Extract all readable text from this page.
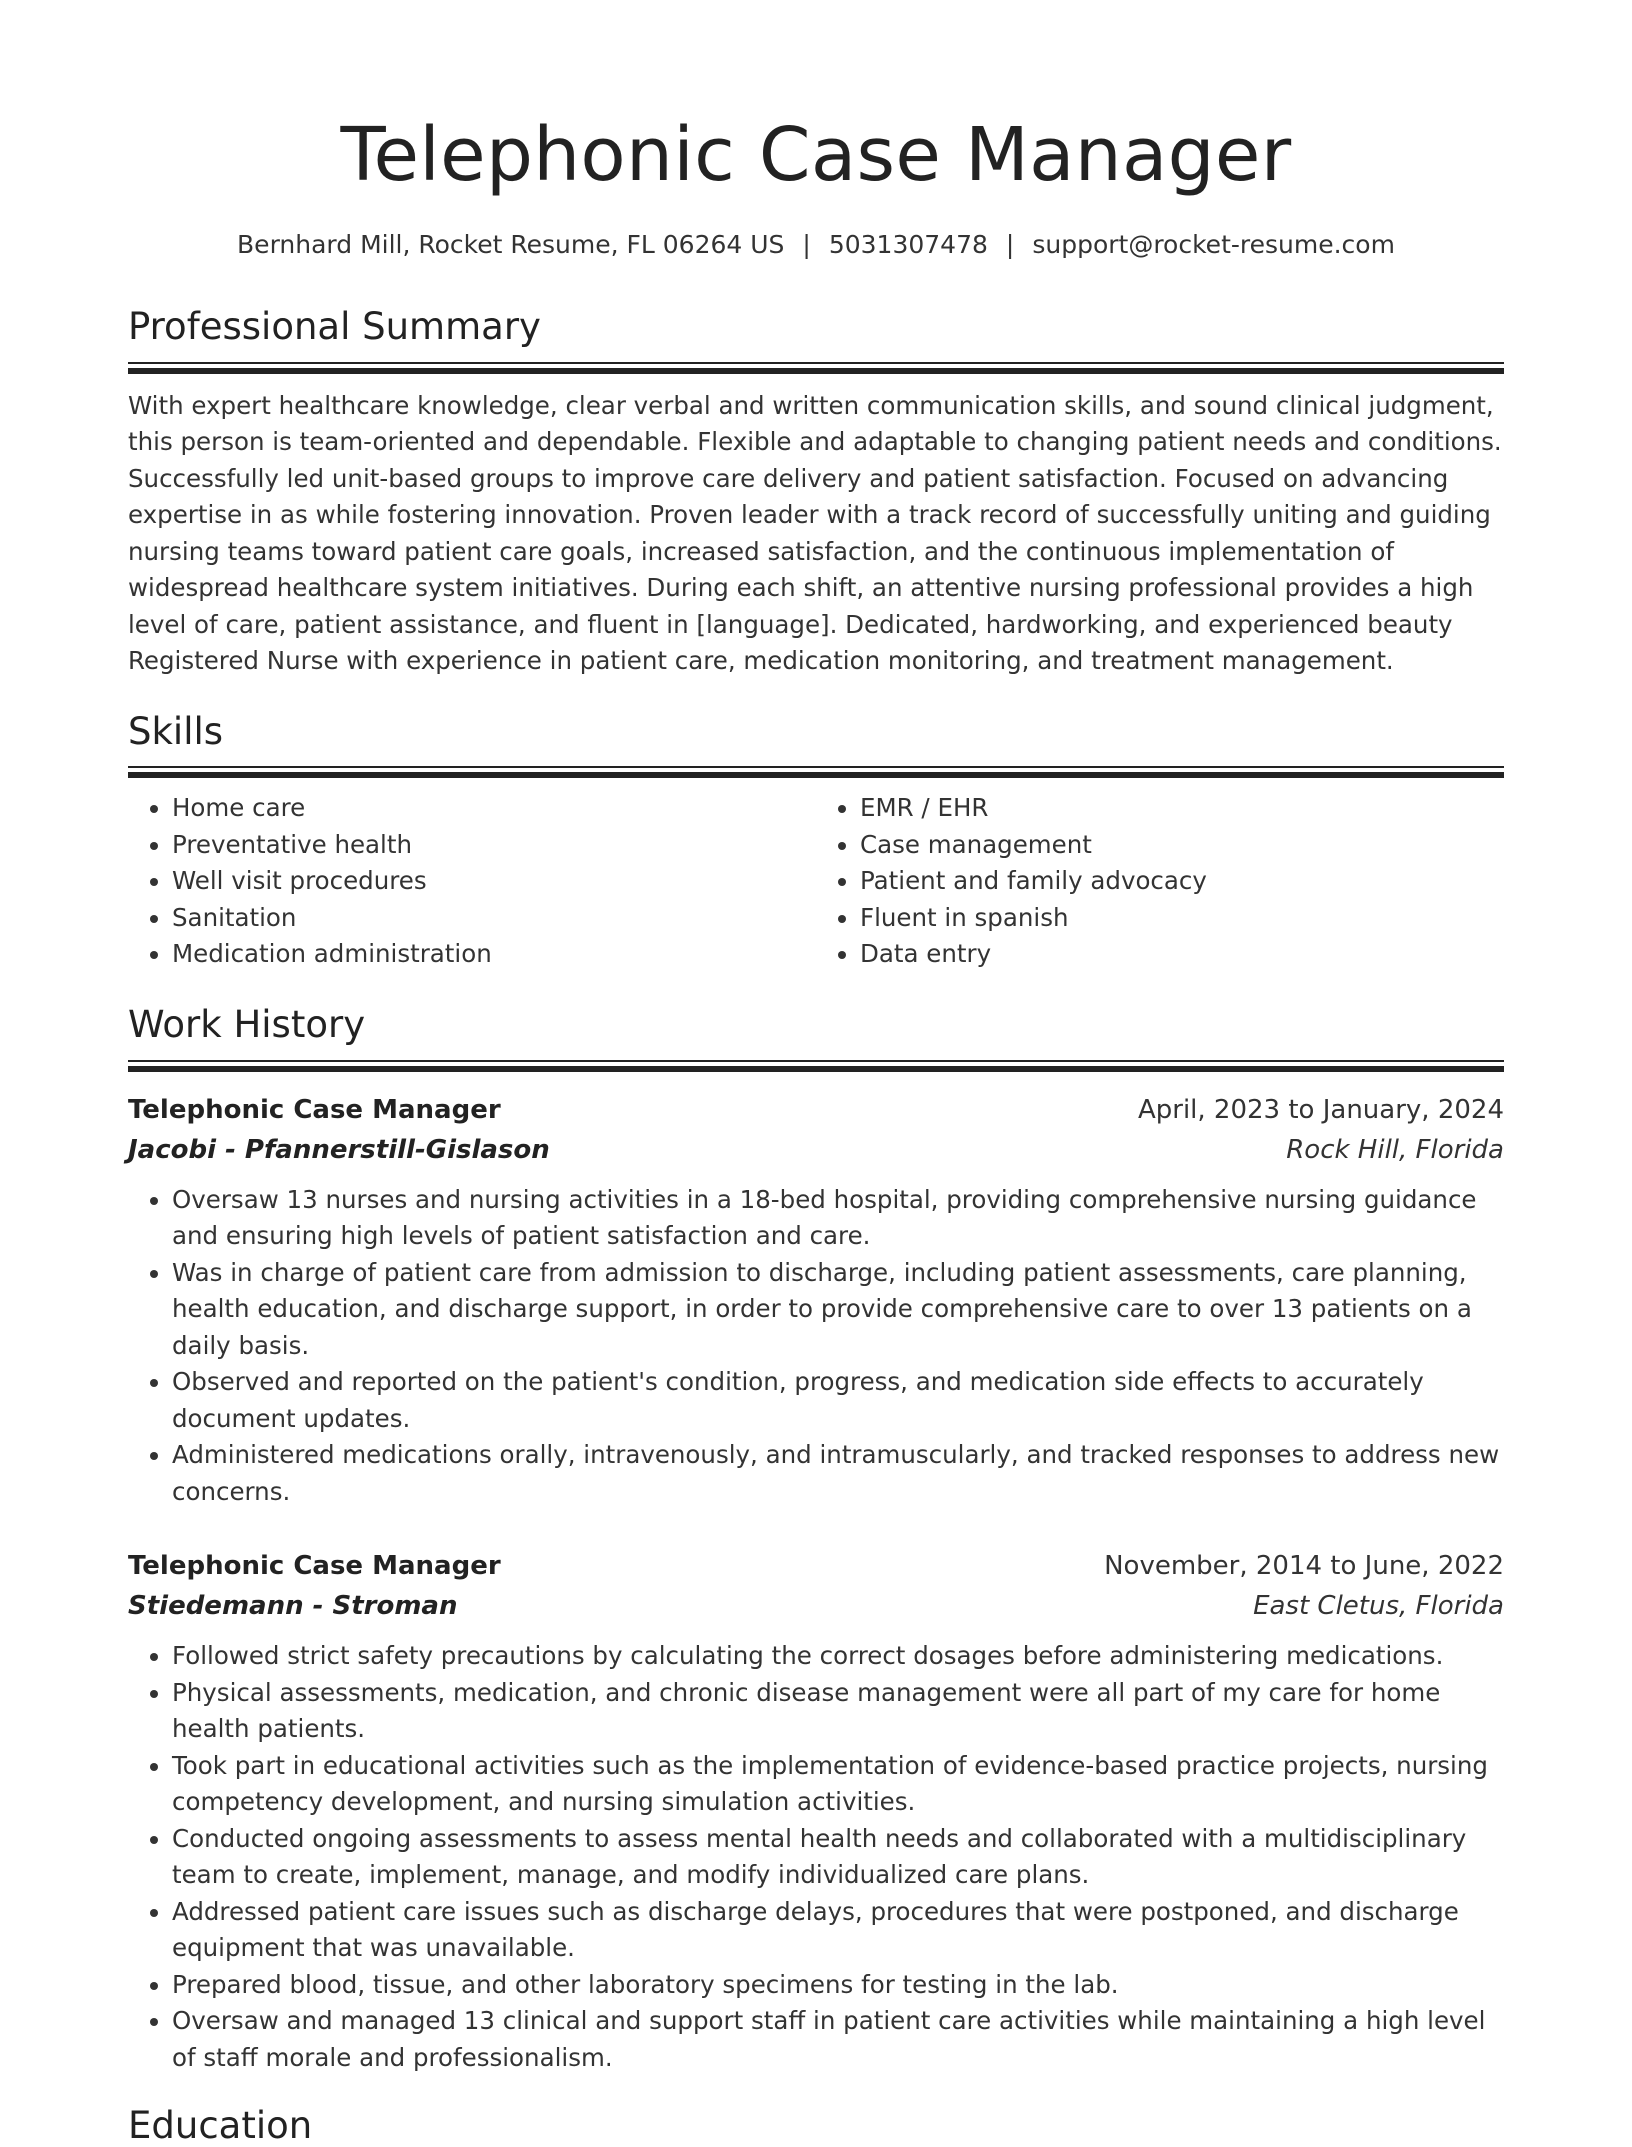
Telephonic Case Manager
Bernhard Mill, Rocket Resume, FL 06264 US | 5031307478 | support@rocket-resume.com
Professional Summary
With expert healthcare knowledge, clear verbal and written communication skills, and sound clinical judgment, this person is team-oriented and dependable. Flexible and adaptable to changing patient needs and conditions. Successfully led unit-based groups to improve care delivery and patient satisfaction. Focused on advancing expertise in as while fostering innovation. Proven leader with a track record of successfully uniting and guiding nursing teams toward patient care goals, increased satisfaction, and the continuous implementation of widespread healthcare system initiatives. During each shift, an attentive nursing professional provides a high level of care, patient assistance, and fluent in [language]. Dedicated, hardworking, and experienced beauty Registered Nurse with experience in patient care, medication monitoring, and treatment management.
Skills
• Home care
• Preventative health
• Well visit procedures
• Sanitation
• Medication administration
• EMR / EHR
• Case management
• Patient and family advocacy
• Fluent in spanish
• Data entry
Work History
Telephonic Case Manager	April, 2023 to January, 2024
Jacobi - Pfannerstill-Gislason	Rock Hill, Florida
• Oversaw 13 nurses and nursing activities in a 18-bed hospital, providing comprehensive nursing guidance and ensuring high levels of patient satisfaction and care.
• Was in charge of patient care from admission to discharge, including patient assessments, care planning, health education, and discharge support, in order to provide comprehensive care to over 13 patients on a daily basis.
• Observed and reported on the patient's condition, progress, and medication side effects to accurately document updates.
• Administered medications orally, intravenously, and intramuscularly, and tracked responses to address new concerns.
Telephonic Case Manager	November, 2014 to June, 2022
Stiedemann - Stroman	East Cletus, Florida
• Followed strict safety precautions by calculating the correct dosages before administering medications.
• Physical assessments, medication, and chronic disease management were all part of my care for home health patients.
• Took part in educational activities such as the implementation of evidence-based practice projects, nursing competency development, and nursing simulation activities.
• Conducted ongoing assessments to assess mental health needs and collaborated with a multidisciplinary team to create, implement, manage, and modify individualized care plans.
• Addressed patient care issues such as discharge delays, procedures that were postponed, and discharge equipment that was unavailable.
• Prepared blood, tissue, and other laboratory specimens for testing in the lab.
• Oversaw and managed 13 clinical and support staff in patient care activities while maintaining a high level of staff morale and professionalism.
Education
